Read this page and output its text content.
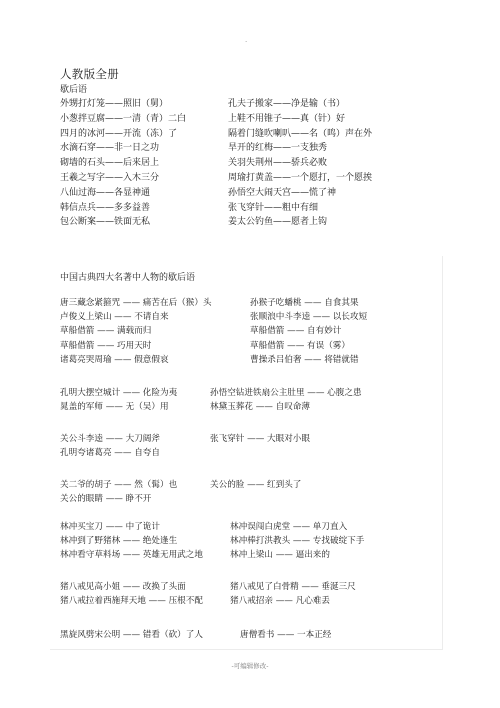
.
人教版全册
歇后语
外甥打灯笼——照旧（舅）	孔夫子搬家——净是输（书）
小葱拌豆腐——一清（青）二白	上鞋不用锥子——真（针）好
四月的冰河——开流（冻）了	隔着门缝吹喇叭——名（鸣）声在外
水滴石穿——非一日之功	旱开的红梅——一支独秀
砌墙的石头——后来居上	关羽失荆州——骄兵必败
王羲之写字——入木三分	周瑜打黄盖——一个愿打，一个愿挨
八仙过海——各显神通	孙悟空大闹天宫——慌了神
韩信点兵——多多益善	张飞穿针——粗中有细
包公断案——铁面无私	姜太公钓鱼——愿者上钩
中国古典四大名著中人物的歇后语
唐三藏念紧箍咒 —— 痛苦在后（猴）头	孙猴子吃蟠桃 —— 自食其果
卢俊义上梁山 —— 不请自来	张顺浪中斗李逵 —— 以长攻短
草船借箭 —— 满载而归	草船借箭 —— 自有妙计
草船借箭 —— 巧用天时	草船借箭 —— 有误（雾）
诸葛亮哭周瑜 —— 假意假哀	曹操杀吕伯奢 —— 将错就错
孔明大摆空城计 —— 化险为夷	孙悟空钻进铁扇公主肚里 —— 心腹之患
晁盖的军师 —— 无（吴）用	林黛玉葬花 —— 自叹命薄
关公斗李逵 —— 大刀阔斧	张飞穿针 —— 大眼对小眼
孔明夸诸葛亮 —— 自夸自
关二爷的胡子 —— 然（髯）也	关公的脸 —— 红到头了
关公的眼睛 —— 睁不开
林冲买宝刀 —— 中了诡计	林冲误闯白虎堂 —— 单刀直入
林冲到了野猪林 —— 绝处逢生	林冲棒打洪教头 —— 专找破绽下手
林冲看守草料场 —— 英雄无用武之地	林冲上梁山 —— 逼出来的
猪八戒见高小姐 —— 改换了头面	猪八戒见了白骨精 —— 垂涎三尺
猪八戒拉着西施拜天地 —— 压根不配	猪八戒招亲 —— 凡心难丢
黑旋风劈宋公明 —— 错看（砍）了人	唐僧看书 —— 一本正经
-可编辑修改-
